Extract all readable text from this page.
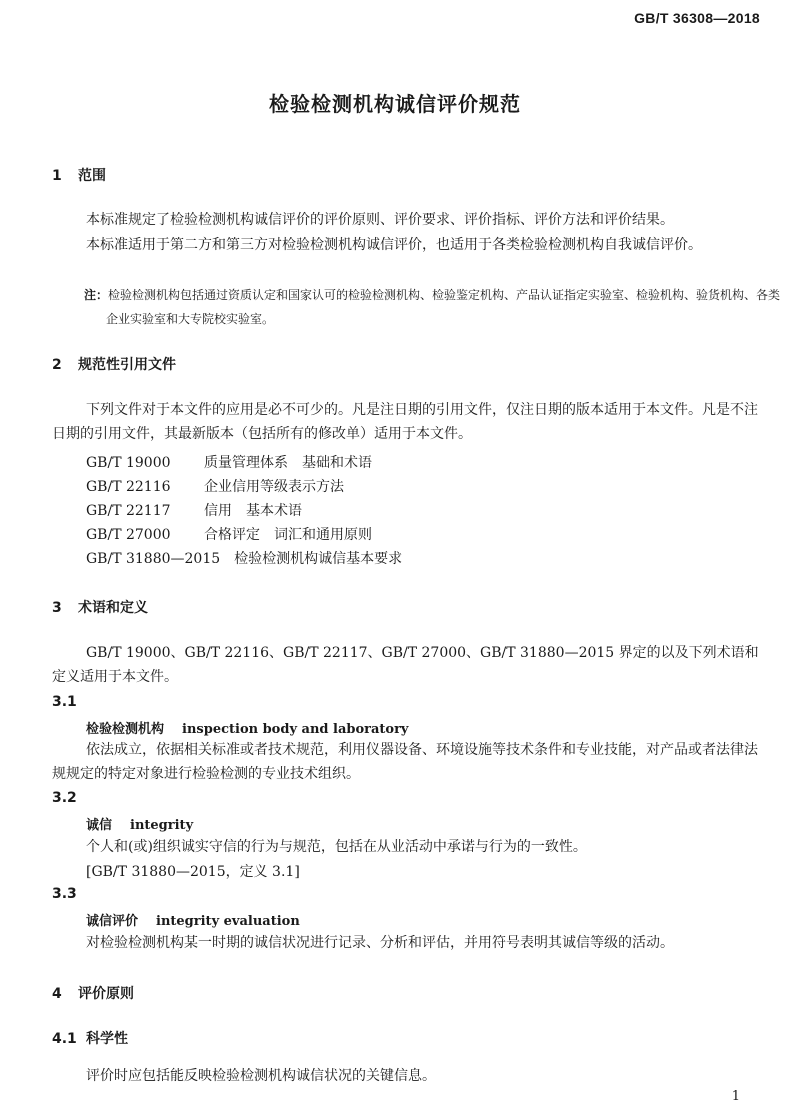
GB/T 36308—2018
检验检测机构诚信评价规范
1 范围
本标准规定了检验检测机构诚信评价的评价原则、评价要求、评价指标、评价方法和评价结果。
本标准适用于第二方和第三方对检验检测机构诚信评价，也适用于各类检验检测机构自我诚信评价。
注：检验检测机构包括通过资质认定和国家认可的检验检测机构、检验鉴定机构、产品认证指定实验室、检验机构、验货机构、各类企业实验室和大专院校实验室。
2 规范性引用文件
下列文件对于本文件的应用是必不可少的。凡是注日期的引用文件，仅注日期的版本适用于本文件。凡是不注日期的引用文件，其最新版本（包括所有的修改单）适用于本文件。
GB/T 19000 质量管理体系　基础和术语
GB/T 22116 企业信用等级表示方法
GB/T 22117 信用　基本术语
GB/T 27000 合格评定　词汇和通用原则
GB/T 31880—2015 检验检测机构诚信基本要求
3 术语和定义
GB/T 19000、GB/T 22116、GB/T 22117、GB/T 27000、GB/T 31880—2015 界定的以及下列术语和定义适用于本文件。
3.1
检验检测机构 inspection body and laboratory
依法成立，依据相关标准或者技术规范，利用仪器设备、环境设施等技术条件和专业技能，对产品或者法律法规规定的特定对象进行检验检测的专业技术组织。
3.2
诚信 integrity
个人和(或)组织诚实守信的行为与规范，包括在从业活动中承诺与行为的一致性。
[GB/T 31880—2015，定义 3.1]
3.3
诚信评价 integrity evaluation
对检验检测机构某一时期的诚信状况进行记录、分析和评估，并用符号表明其诚信等级的活动。
4 评价原则
4.1 科学性
评价时应包括能反映检验检测机构诚信状况的关键信息。
1
